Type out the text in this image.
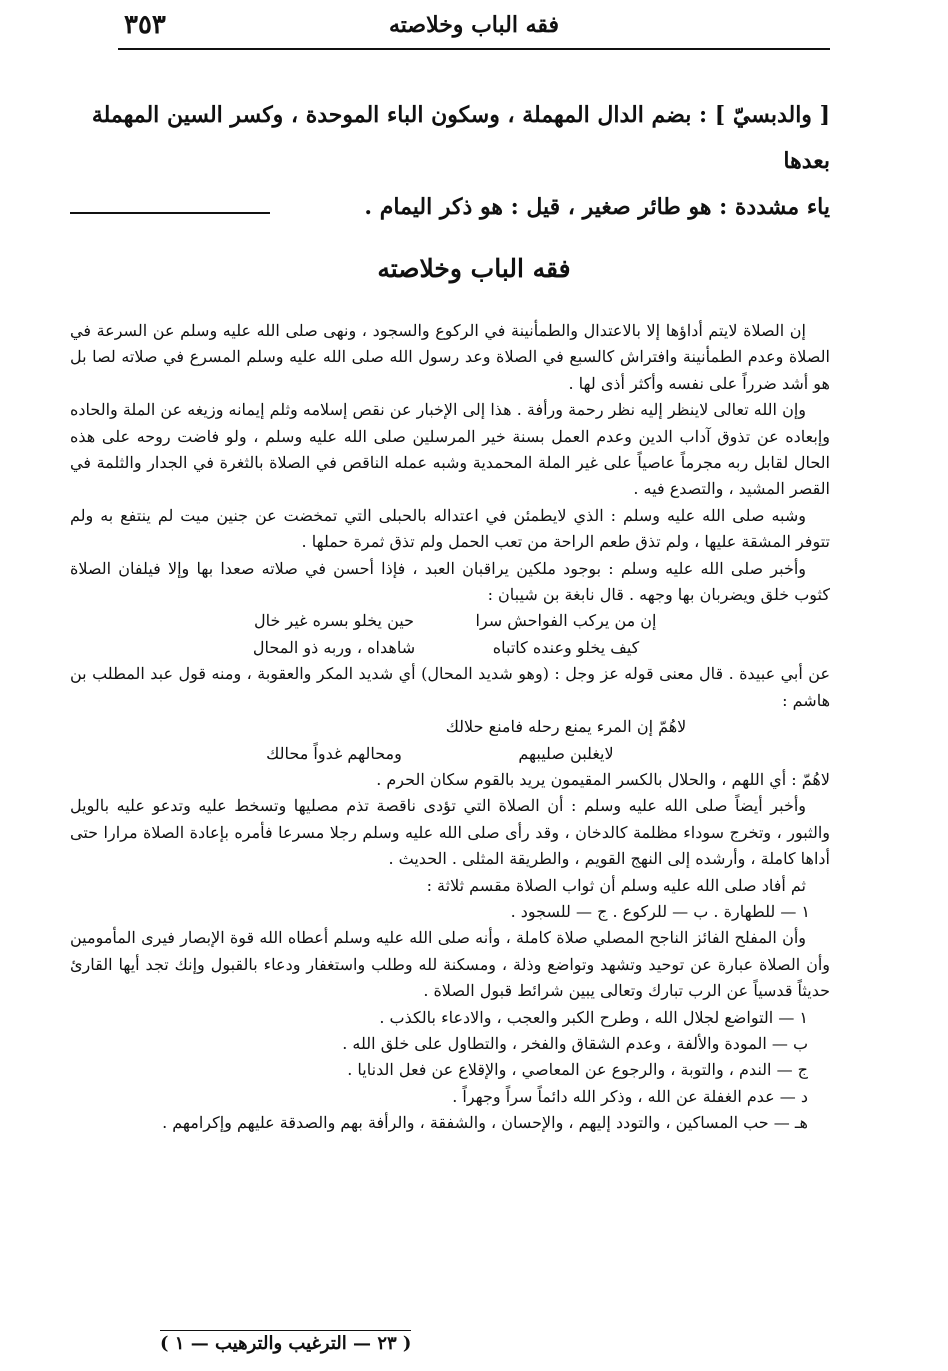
فقه الباب وخلاصته
٣٥٣

[ والدبسيّ ] : بضم الدال المهملة ، وسكون الباء الموحدة ، وكسر السين المهملة بعدها

ياء مشددة : هو طائر صغير ، قيل : هو ذكر اليمام .

فقه الباب وخلاصته

إن الصلاة لايتم أداؤها إلا بالاعتدال والطمأنينة في الركوع والسجود ، ونهى صلى الله عليه وسلم عن السرعة في الصلاة وعدم الطمأنينة وافتراش كالسبع في الصلاة وعد رسول الله صلى الله عليه وسلم المسرع في صلاته لصا بل هو أشد ضرراً على نفسه وأكثر أذى لها .

وإن الله تعالى لاينظر إليه نظر رحمة ورأفة . هذا إلى الإخبار عن نقص إسلامه وثلم إيمانه وزيغه عن الملة والحاده وإبعاده عن تذوق آداب الدين وعدم العمل بسنة خير المرسلين صلى الله عليه وسلم ، ولو فاضت روحه على هذه الحال لقابل ربه مجرماً عاصياً على غير الملة المحمدية وشبه عمله الناقص في الصلاة بالثغرة في الجدار والثلمة في القصر المشيد ، والتصدع فيه .

وشبه صلى الله عليه وسلم : الذي لايطمئن في اعتداله بالحبلى التي تمخضت عن جنين ميت لم ينتفع به ولم تتوفر المشقة عليها ، ولم تذق طعم الراحة من تعب الحمل ولم تذق ثمرة حملها .

وأخبر صلى الله عليه وسلم : بوجود ملكين يراقبان العبد ، فإذا أحسن في صلاته صعدا بها وإلا فيلفان الصلاة كثوب خلق ويضربان بها وجهه . قال نابغة بن شيبان :

إن من يركب الفواحش سرا
حين يخلو بسره غير خال

كيف يخلو وعنده كاتباه
شاهداه ، وربه ذو المحال

عن أبي عبيدة . قال معنى قوله عز وجل : (وهو شديد المحال) أي شديد المكر والعقوبة ، ومنه قول عبد المطلب بن هاشم :

لاهُمّ إن المرء يمنع رحله فامنع حلالك

لايغلبن صليبهم
ومحالهم غدواً محالك

لاهُمّ : أي اللهم ، والحلال بالكسر المقيمون يريد بالقوم سكان الحرم .

وأخبر أيضاً صلى الله عليه وسلم : أن الصلاة التي تؤدى ناقصة تذم مصليها وتسخط عليه وتدعو عليه بالويل والثبور ، وتخرج سوداء مظلمة كالدخان ، وقد رأى صلى الله عليه وسلم رجلا مسرعا فأمره بإعادة الصلاة مرارا حتى أداها كاملة ، وأرشده إلى النهج القويم ، والطريقة المثلى . الحديث .

ثم أفاد صلى الله عليه وسلم أن ثواب الصلاة مقسم ثلاثة :

١ — للطهارة . ب — للركوع . ج — للسجود .

وأن المفلح الفائز الناجح المصلي صلاة كاملة ، وأنه صلى الله عليه وسلم أعطاه الله قوة الإبصار فيرى المأمومين وأن الصلاة عبارة عن توحيد وتشهد وتواضع وذلة ، ومسكنة لله وطلب واستغفار ودعاء بالقبول وإنك تجد أيها القارئ حديثاً قدسياً عن الرب تبارك وتعالى يبين شرائط قبول الصلاة .

١ — التواضع لجلال الله ، وطرح الكبر والعجب ، والادعاء بالكذب .

ب — المودة والألفة ، وعدم الشقاق والفخر ، والتطاول على خلق الله .

ج — الندم ، والتوبة ، والرجوع عن المعاصي ، والإقلاع عن فعل الدنايا .

د — عدم الغفلة عن الله ، وذكر الله دائماً سراً وجهراً .

هـ — حب المساكين ، والتودد إليهم ، والإحسان ، والشفقة ، والرأفة بهم والصدقة عليهم وإكرامهم .

( ٢٣ — الترغيب والترهيب — ١ )
